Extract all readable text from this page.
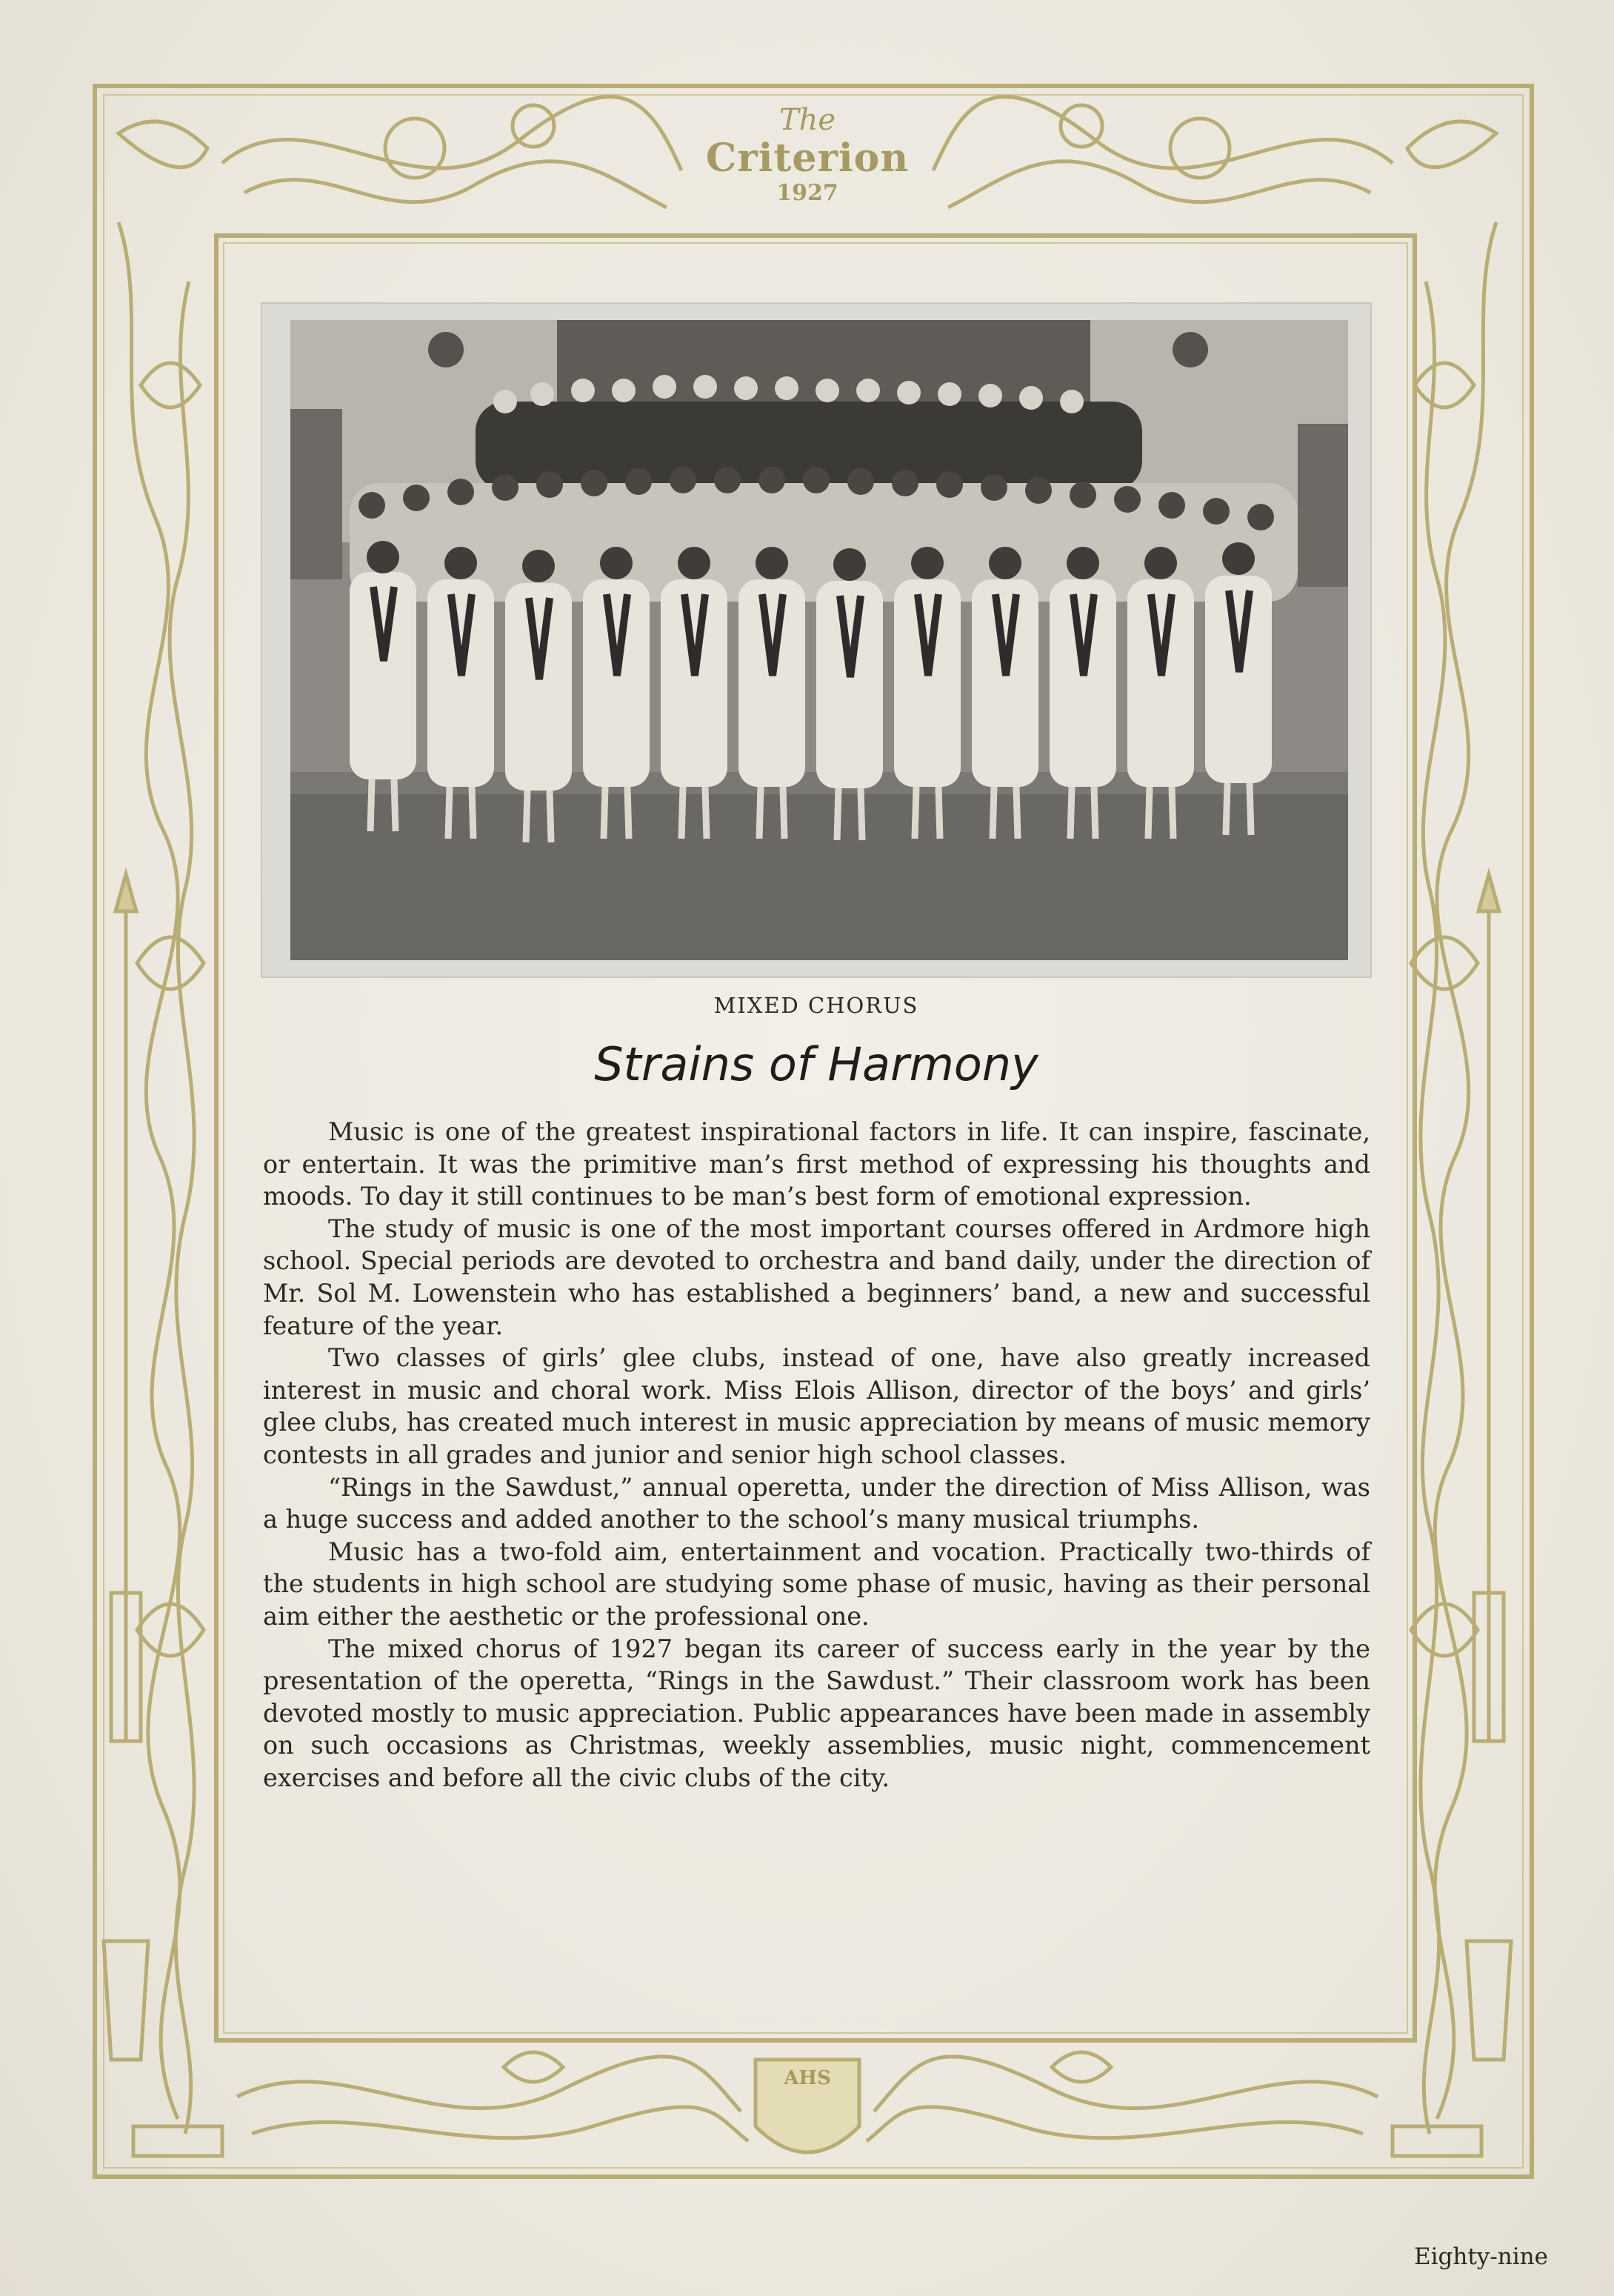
The
Criterion
1927
AHS
MIXED CHORUS
Strains of Harmony

Music is one of the greatest inspirational factors in life. It can inspire, fascinate, or entertain. It was the primitive man’s first method of expressing his thoughts and moods. To day it still continues to be man’s best form of emotional expression.

The study of music is one of the most important courses offered in Ardmore high school. Special periods are devoted to orchestra and band daily, under the direction of Mr. Sol M. Lowenstein who has established a beginners’ band, a new and successful feature of the year.

Two classes of girls’ glee clubs, instead of one, have also greatly increased interest in music and choral work. Miss Elois Allison, director of the boys’ and girls’ glee clubs, has created much interest in music appreciation by means of music memory contests in all grades and junior and senior high school classes.

“Rings in the Sawdust,” annual operetta, under the direction of Miss Allison, was a huge success and added another to the school’s many musical triumphs.

Music has a two-fold aim, entertainment and vocation. Practically two-thirds of the students in high school are studying some phase of music, having as their personal aim either the aesthetic or the professional one.

The mixed chorus of 1927 began its career of success early in the year by the presentation of the operetta, “Rings in the Sawdust.” Their classroom work has been devoted mostly to music appreciation. Public appearances have been made in assembly on such occasions as Christmas, weekly assemblies, music night, commencement exercises and before all the civic clubs of the city.

Eighty-nine
